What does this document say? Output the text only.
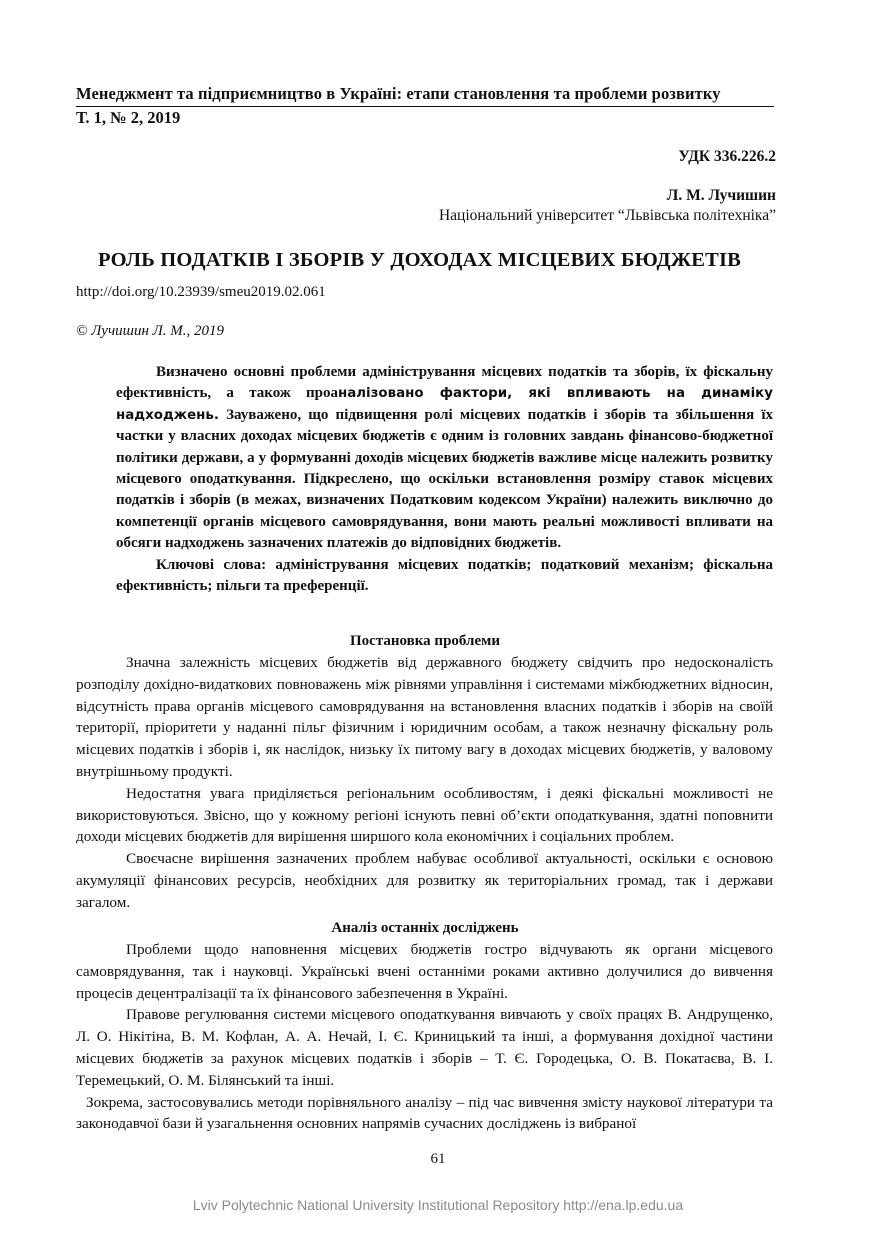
Менеджмент та підприємництво в Україні: етапи становлення та проблеми розвитку
Т. 1, № 2, 2019
УДК 336.226.2
Л. М. Лучишин
Національний університет “Львівська політехніка”
РОЛЬ ПОДАТКІВ І ЗБОРІВ У ДОХОДАХ МІСЦЕВИХ БЮДЖЕТІВ
http://doi.org/10.23939/smeu2019.02.061
© Лучишин Л. М., 2019

Визначено основні проблеми адміністрування місцевих податків та зборів, їх фіскальну ефективність, а також проаналізовано фактори, які впливають на динаміку надходжень. Зауважено, що підвищення ролі місцевих податків і зборів та збільшення їх частки у власних доходах місцевих бюджетів є одним із головних завдань фінансово-бюджетної політики держави, а у формуванні доходів місцевих бюджетів важливе місце належить розвитку місцевого оподаткування. Підкреслено, що оскільки встановлення розміру ставок місцевих податків і зборів (в межах, визначених Податковим кодексом України) належить виключно до компетенції органів місцевого самоврядування, вони мають реальні можливості впливати на обсяги надходжень зазначених платежів до відповідних бюджетів.

Ключові слова: адміністрування місцевих податків; податковий механізм; фіскальна ефективність; пільги та преференції.

Постановка проблеми

Значна залежність місцевих бюджетів від державного бюджету свідчить про недосконалість розподілу дохідно-видаткових повноважень між рівнями управління і системами міжбюджетних відносин, відсутність права органів місцевого самоврядування на встановлення власних податків і зборів на своїй території, пріоритети у наданні пільг фізичним і юридичним особам, а також незначну фіскальну роль місцевих податків і зборів і, як наслідок, низьку їх питому вагу в доходах місцевих бюджетів, у валовому внутрішньому продукті.

Недостатня увага приділяється регіональним особливостям, і деякі фіскальні можливості не використовуються. Звісно, що у кожному регіоні існують певні об’єкти оподаткування, здатні поповнити доходи місцевих бюджетів для вирішення ширшого кола економічних і соціальних проблем.

Своєчасне вирішення зазначених проблем набуває особливої актуальності, оскільки є основою акумуляції фінансових ресурсів, необхідних для розвитку як територіальних громад, так і держави загалом.

Аналіз останніх досліджень

Проблеми щодо наповнення місцевих бюджетів гостро відчувають як органи місцевого самоврядування, так і науковці. Українські вчені останніми роками активно долучилися до вивчення процесів децентралізації та їх фінансового забезпечення в Україні.

Правове регулювання системи місцевого оподаткування вивчають у своїх працях В. Андрущенко, Л. О. Нікітіна, В. М. Кофлан, А. А. Нечай, І. Є. Криницький та інші, а формування дохідної частини місцевих бюджетів за рахунок місцевих податків і зборів – Т. Є. Городецька, О. В. Покатаєва, В. І. Теремецький, О. М. Білянський та інші.

Зокрема, застосовувались методи порівняльного аналізу – під час вивчення змісту наукової літератури та законодавчої бази й узагальнення основних напрямів сучасних досліджень із вибраної

61
Lviv Polytechnic National University Institutional Repository http://ena.lp.edu.ua
